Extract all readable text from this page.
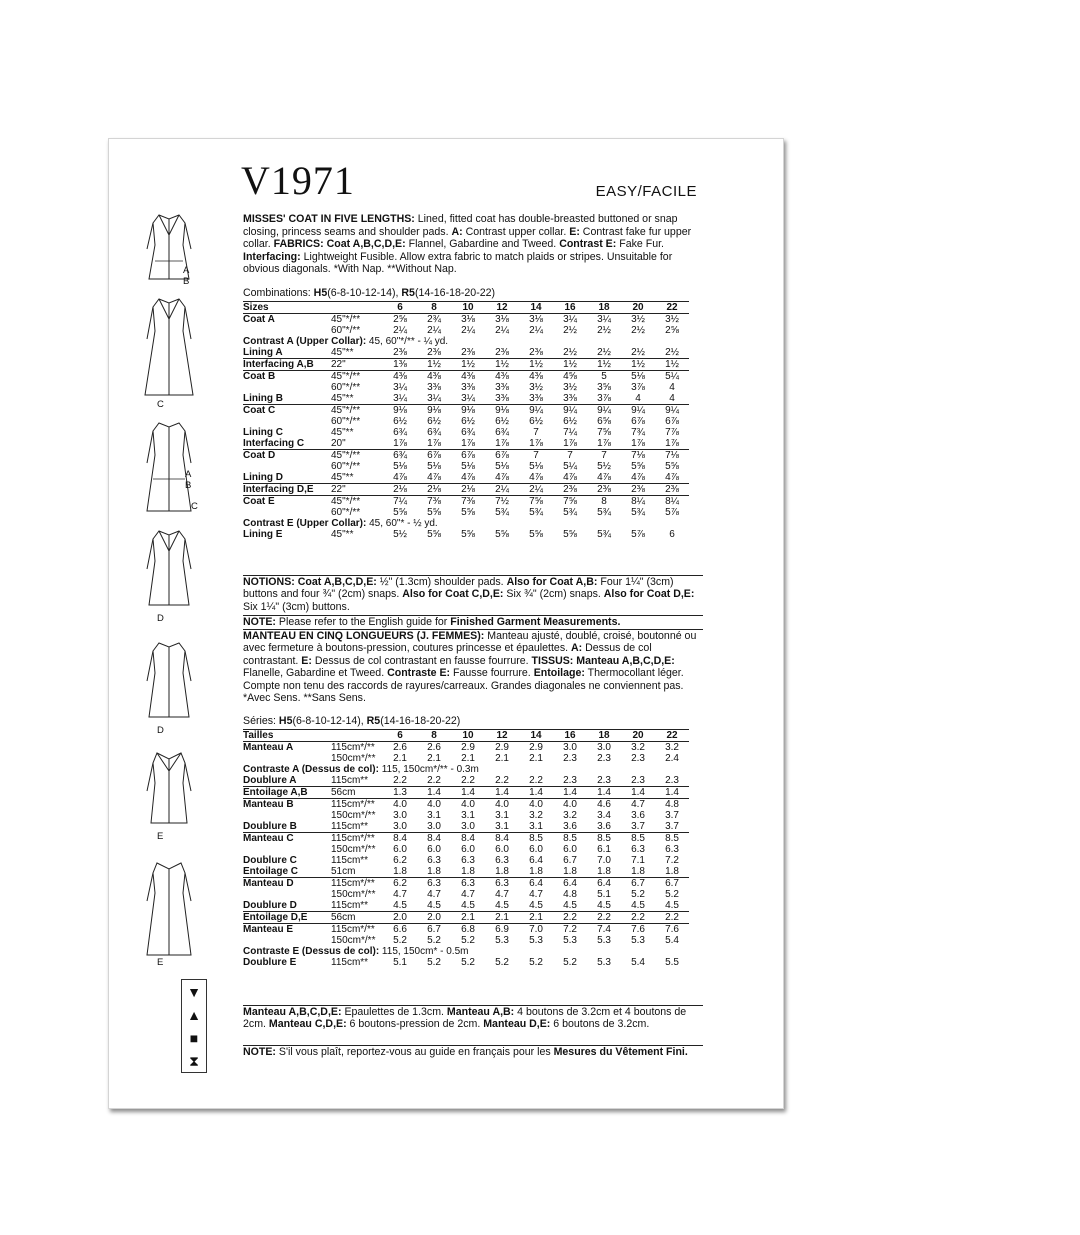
V1971	EASY/FACILE
A
B
C
A
B
C
D
D
E
E
MISSES' COAT IN FIVE LENGTHS: Lined, fitted coat has double-breasted buttoned or snap closing, princess seams and shoulder pads. A: Contrast upper collar. E: Contrast fake fur upper collar. FABRICS: Coat A,B,C,D,E: Flannel, Gabardine and Tweed. Contrast E: Fake Fur. Interfacing: Lightweight Fusible. Allow extra fabric to match plaids or stripes. Unsuitable for obvious diagonals. *With Nap. **Without Nap.
Combinations: H5(6-8-10-12-14), R5(14-16-18-20-22)
Sizes		6	8	10	12	14	16	18	20	22
Coat A	45"*/**	2⅝	2¾	3⅛	3⅛	3⅛	3¼	3¼	3½	3½
	60"*/**	2¼	2¼	2¼	2¼	2¼	2½	2½	2½	2⅝
Contrast A (Upper Collar): 45, 60"*/** - ¼ yd.										
Lining A	45"**	2⅜	2⅜	2⅜	2⅜	2⅜	2½	2½	2½	2½
Interfacing A,B	22"	1⅜	1½	1½	1½	1½	1½	1½	1½	1½
Coat B	45"*/**	4⅜	4⅜	4⅜	4⅜	4⅜	4⅝	5	5⅛	5¼
	60"*/**	3¼	3⅜	3⅜	3⅜	3½	3½	3⅝	3⅞	4
Lining B	45"**	3¼	3¼	3¼	3⅜	3⅜	3⅜	3⅞	4	4
Coat C	45"*/**	9⅛	9⅛	9⅛	9⅛	9¼	9¼	9¼	9¼	9¼
	60"*/**	6½	6½	6½	6½	6½	6½	6⅝	6⅞	6⅞
Lining C	45"**	6¾	6¾	6¾	6¾	7	7¼	7⅝	7¾	7⅞
Interfacing C	20"	1⅞	1⅞	1⅞	1⅞	1⅞	1⅞	1⅞	1⅞	1⅞
Coat D	45"*/**	6¾	6⅞	6⅞	6⅞	7	7	7	7⅛	7⅛
	60"*/**	5⅛	5⅛	5⅛	5⅛	5⅛	5¼	5½	5⅝	5⅝
Lining D	45"**	4⅞	4⅞	4⅞	4⅞	4⅞	4⅞	4⅞	4⅞	4⅞
Interfacing D,E	22"	2⅛	2⅛	2⅛	2¼	2¼	2⅜	2⅜	2⅜	2⅜
Coat E	45"*/**	7¼	7⅜	7⅜	7½	7⅝	7⅝	8	8¼	8¼
	60"*/**	5⅝	5⅝	5⅝	5¾	5¾	5¾	5¾	5¾	5⅞
Contrast E (Upper Collar): 45, 60"* - ½ yd.										
Lining E	45"**	5½	5⅝	5⅝	5⅝	5⅝	5⅝	5¾	5⅞	6
NOTIONS: Coat A,B,C,D,E: ½" (1.3cm) shoulder pads. Also for Coat A,B: Four 1¼" (3cm) buttons and four ¾" (2cm) snaps. Also for Coat C,D,E: Six ¾" (2cm) snaps. Also for Coat D,E: Six 1¼" (3cm) buttons.
NOTE: Please refer to the English guide for Finished Garment Measurements.
MANTEAU EN CINQ LONGUEURS (J. FEMMES): Manteau ajusté, doublé, croisé, boutonné ou avec fermeture à boutons-pression, coutures princesse et épaulettes. A: Dessus de col contrastant. E: Dessus de col contrastant en fausse fourrure. TISSUS: Manteau A,B,C,D,E: Flanelle, Gabardine et Tweed. Contraste E: Fausse fourrure. Entoilage: Thermocollant léger. Compte non tenu des raccords de rayures/carreaux. Grandes diagonales ne conviennent pas. *Avec Sens. **Sans Sens.
Séries: H5(6-8-10-12-14), R5(14-16-18-20-22)
Tailles		6	8	10	12	14	16	18	20	22
Manteau A	115cm*/**	2.6	2.6	2.9	2.9	2.9	3.0	3.0	3.2	3.2
	150cm*/**	2.1	2.1	2.1	2.1	2.1	2.3	2.3	2.3	2.4
Contraste A (Dessus de col): 115, 150cm*/** - 0.3m										
Doublure A	115cm**	2.2	2.2	2.2	2.2	2.2	2.3	2.3	2.3	2.3
Entoilage A,B	56cm	1.3	1.4	1.4	1.4	1.4	1.4	1.4	1.4	1.4
Manteau B	115cm*/**	4.0	4.0	4.0	4.0	4.0	4.0	4.6	4.7	4.8
	150cm*/**	3.0	3.1	3.1	3.1	3.2	3.2	3.4	3.6	3.7
Doublure B	115cm**	3.0	3.0	3.0	3.1	3.1	3.6	3.6	3.7	3.7
Manteau C	115cm*/**	8.4	8.4	8.4	8.4	8.5	8.5	8.5	8.5	8.5
	150cm*/**	6.0	6.0	6.0	6.0	6.0	6.0	6.1	6.3	6.3
Doublure C	115cm**	6.2	6.3	6.3	6.3	6.4	6.7	7.0	7.1	7.2
Entoilage C	51cm	1.8	1.8	1.8	1.8	1.8	1.8	1.8	1.8	1.8
Manteau D	115cm*/**	6.2	6.3	6.3	6.3	6.4	6.4	6.4	6.7	6.7
	150cm*/**	4.7	4.7	4.7	4.7	4.7	4.8	5.1	5.2	5.2
Doublure D	115cm**	4.5	4.5	4.5	4.5	4.5	4.5	4.5	4.5	4.5
Entoilage D,E	56cm	2.0	2.0	2.1	2.1	2.1	2.2	2.2	2.2	2.2
Manteau E	115cm*/**	6.6	6.7	6.8	6.9	7.0	7.2	7.4	7.6	7.6
	150cm*/**	5.2	5.2	5.2	5.3	5.3	5.3	5.3	5.3	5.4
Contraste E (Dessus de col): 115, 150cm* - 0.5m										
Doublure E	115cm**	5.1	5.2	5.2	5.2	5.2	5.2	5.3	5.4	5.5
Manteau A,B,C,D,E: Epaulettes de 1.3cm. Manteau A,B: 4 boutons de 3.2cm et 4 boutons de 2cm. Manteau C,D,E: 6 boutons-pression de 2cm. Manteau D,E: 6 boutons de 3.2cm.
NOTE: S'il vous plaît, reportez-vous au guide en français pour les Mesures du Vêtement Fini.
▼
▲
■
⧗
